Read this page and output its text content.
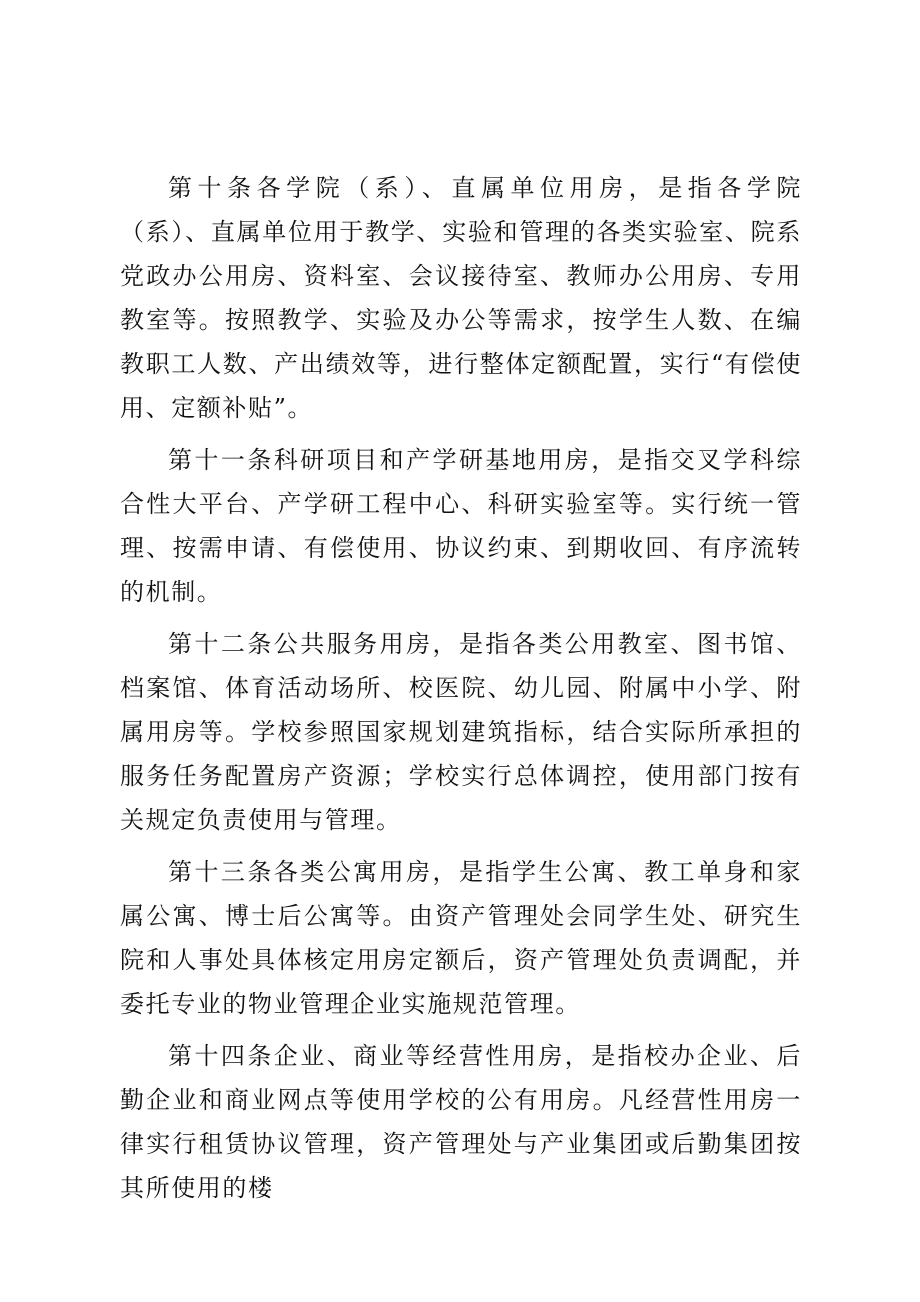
第十条各学院（系）、直属单位用房，是指各学院（系）、直属单位用于教学、实验和管理的各类实验室、院系党政办公用房、资料室、会议接待室、教师办公用房、专用教室等。按照教学、实验及办公等需求，按学生人数、在编教职工人数、产出绩效等，进行整体定额配置，实行“有偿使用、定额补贴”。

第十一条科研项目和产学研基地用房，是指交叉学科综合性大平台、产学研工程中心、科研实验室等。实行统一管理、按需申请、有偿使用、协议约束、到期收回、有序流转的机制。

第十二条公共服务用房，是指各类公用教室、图书馆、档案馆、体育活动场所、校医院、幼儿园、附属中小学、附属用房等。学校参照国家规划建筑指标，结合实际所承担的服务任务配置房产资源；学校实行总体调控，使用部门按有关规定负责使用与管理。

第十三条各类公寓用房，是指学生公寓、教工单身和家属公寓、博士后公寓等。由资产管理处会同学生处、研究生院和人事处具体核定用房定额后，资产管理处负责调配，并委托专业的物业管理企业实施规范管理。

第十四条企业、商业等经营性用房，是指校办企业、后勤企业和商业网点等使用学校的公有用房。凡经营性用房一律实行租赁协议管理，资产管理处与产业集团或后勤集团按其所使用的楼
